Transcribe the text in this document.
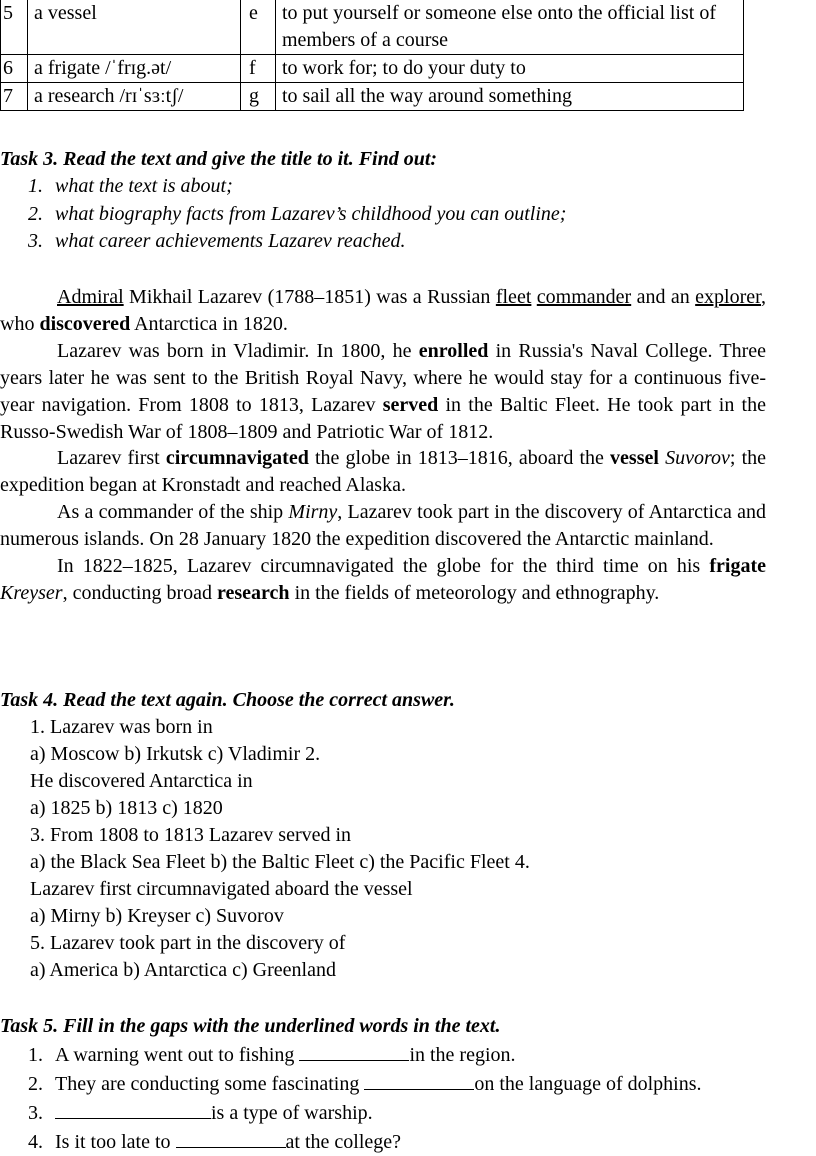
5	a vessel	e	to put yourself or someone else onto the official list of members of a course
6	a frigate /ˈfrɪg.ət/	f	to work for; to do your duty to
7	a research /rɪˈsɜːtʃ/	g	to sail all the way around something
Task 3. Read the text and give the title to it. Find out:
1. what the text is about;
2. what biography facts from Lazarev’s childhood you can outline;
3. what career achievements Lazarev reached.

Admiral Mikhail Lazarev (1788–1851) was a Russian fleet commander and an explorer, who discovered Antarctica in 1820.

Lazarev was born in Vladimir. In 1800, he enrolled in Russia's Naval College. Three years later he was sent to the British Royal Navy, where he would stay for a continuous five-year navigation. From 1808 to 1813, Lazarev served in the Baltic Fleet. He took part in the Russo-Swedish War of 1808–1809 and Patriotic War of 1812.

Lazarev first circumnavigated the globe in 1813–1816, aboard the vessel Suvorov; the expedition began at Kronstadt and reached Alaska.

As a commander of the ship Mirny, Lazarev took part in the discovery of Antarctica and numerous islands. On 28 January 1820 the expedition discovered the Antarctic mainland.

In 1822–1825, Lazarev circumnavigated the globe for the third time on his frigate Kreyser, conducting broad research in the fields of meteorology and ethnography.

Task 4. Read the text again. Choose the correct answer.
1. Lazarev was born in
a) Moscow b) Irkutsk c) Vladimir 2.
He discovered Antarctica in
a) 1825 b) 1813 c) 1820
3. From 1808 to 1813 Lazarev served in
a) the Black Sea Fleet b) the Baltic Fleet c) the Pacific Fleet 4.
Lazarev first circumnavigated aboard the vessel
a) Mirny b) Kreyser c) Suvorov
5. Lazarev took part in the discovery of
a) America b) Antarctica c) Greenland
Task 5. Fill in the gaps with the underlined words in the text.
1. A warning went out to fishing	in the region.
2. They are conducting some fascinating	on the language of dolphins.
3.	is a type of warship.
4. Is it too late to	at the college?
